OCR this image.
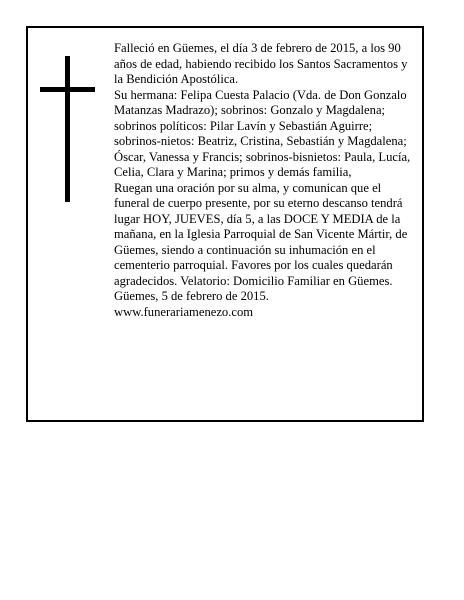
Falleció en Güemes, el día 3 de febrero de 2015, a los 90 años de edad, habiendo recibido los Santos Sacramentos y la Bendición Apostólica.

Su hermana: Felipa Cuesta Palacio (Vda. de Don Gonzalo Matanzas Madrazo); sobrinos: Gonzalo y Magdalena; sobrinos políticos: Pilar Lavín y Sebastián Aguirre; sobrinos-nietos: Beatriz, Cristina, Sebastián y Magdalena; Óscar, Vanessa y Francis; sobrinos-bisnietos: Paula, Lucía, Celia, Clara y Marina; primos y demás familia,

Ruegan una oración por su alma, y comunican que el funeral de cuerpo presente, por su eterno descanso tendrá lugar HOY, JUEVES, día 5, a las DOCE Y MEDIA de la mañana, en la Iglesia Parroquial de San Vicente Mártir, de Güemes, siendo a continuación su inhumación en el cementerio parroquial. Favores por los cuales quedarán agradecidos. Velatorio: Domicilio Familiar en Güemes.

Güemes, 5 de febrero de 2015.

www.funerariamenezo.com
